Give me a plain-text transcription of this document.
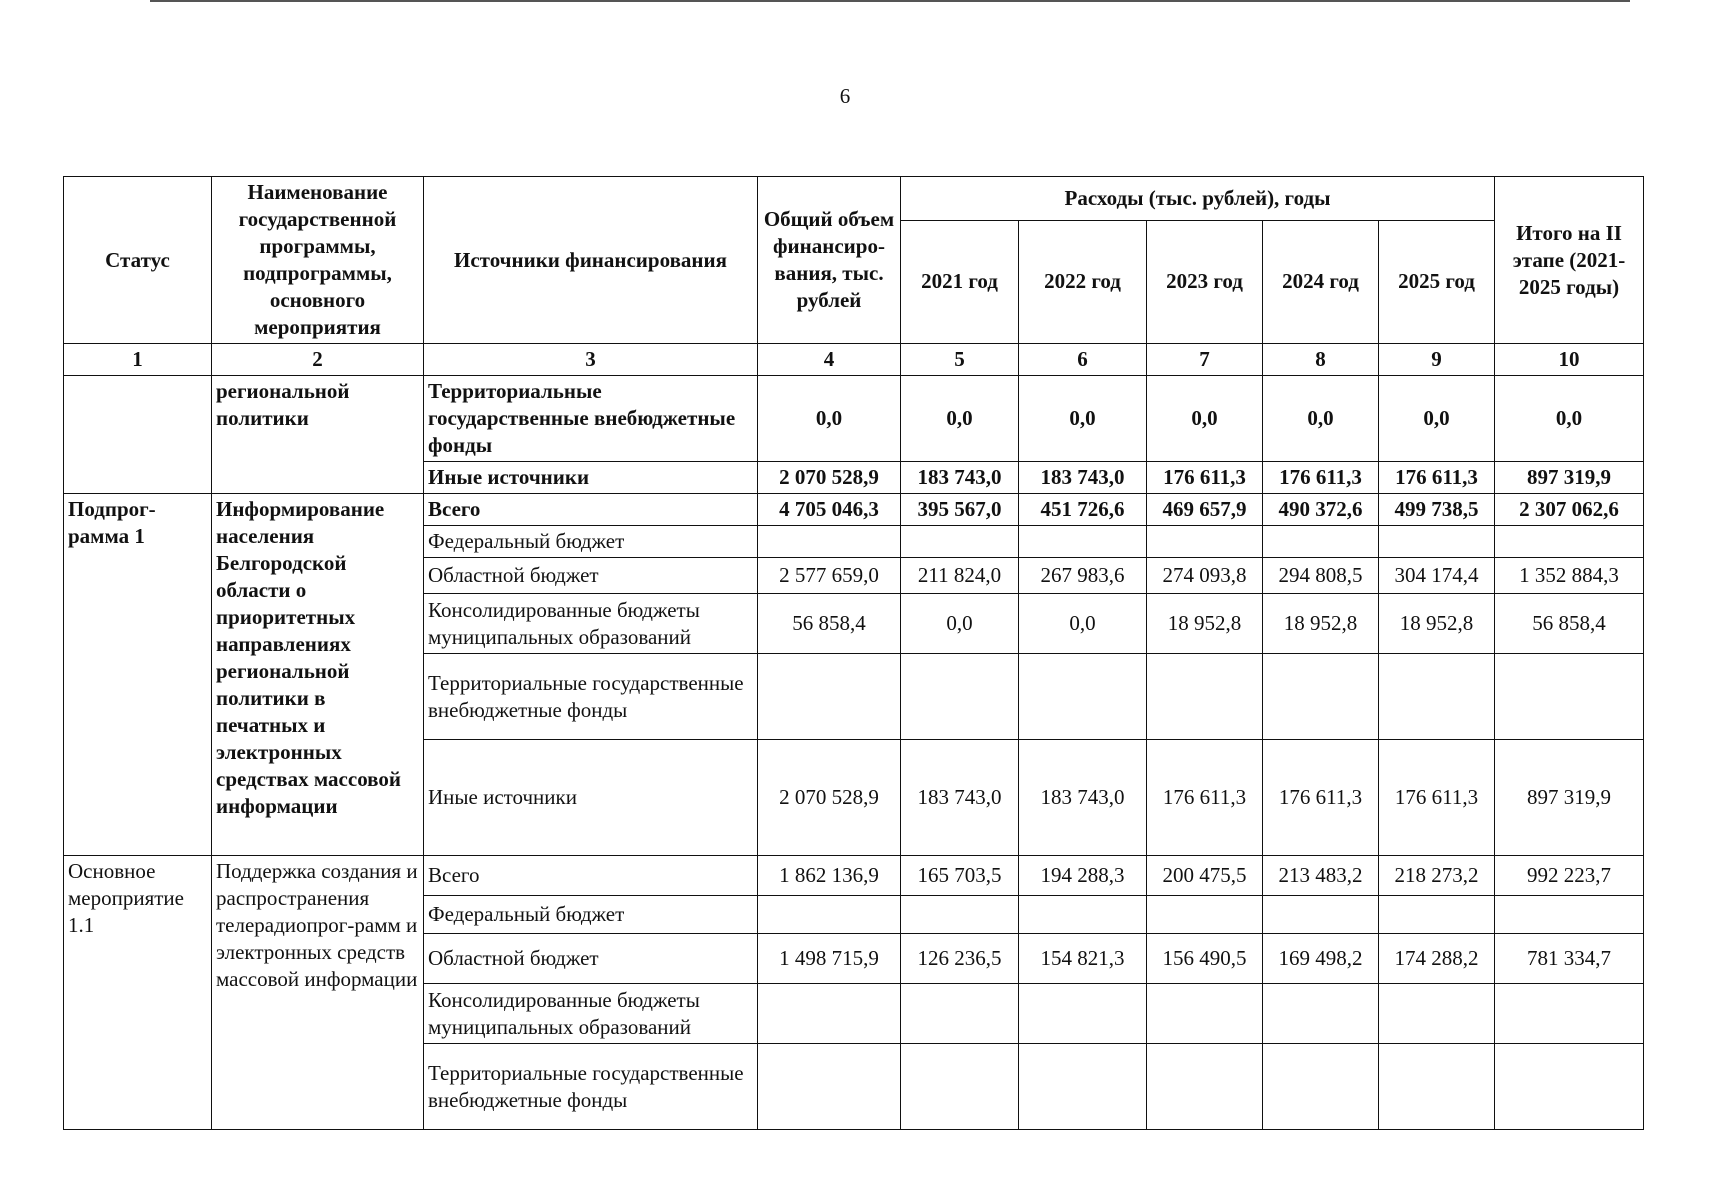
6
Статус	Наименование государственной программы, подпрограммы, основного мероприятия	Источники финансирования	Общий объем финансиро-вания, тыс. рублей	Расходы (тыс. рублей), годы					Итого на II этапе (2021-2025 годы)
				2021 год	2022 год	2023 год	2024 год	2025 год	
1	2	3	4	5	6	7	8	9	10
	региональной политики	Территориальные государственные внебюджетные фонды	0,0	0,0	0,0	0,0	0,0	0,0	0,0
		Иные источники	2 070 528,9	183 743,0	183 743,0	176 611,3	176 611,3	176 611,3	897 319,9
Подпрог-рамма 1	Информирование населения Белгородской области о приоритетных направлениях региональной политики в печатных и электронных средствах массовой информации	Всего	4 705 046,3	395 567,0	451 726,6	469 657,9	490 372,6	499 738,5	2 307 062,6
		Федеральный бюджет							
		Областной бюджет	2 577 659,0	211 824,0	267 983,6	274 093,8	294 808,5	304 174,4	1 352 884,3
		Консолидированные бюджеты муниципальных образований	56 858,4	0,0	0,0	18 952,8	18 952,8	18 952,8	56 858,4
		Территориальные государственные внебюджетные фонды							
		Иные источники	2 070 528,9	183 743,0	183 743,0	176 611,3	176 611,3	176 611,3	897 319,9
Основное мероприятие 1.1	Поддержка создания и распространения телерадиопрог-рамм и электронных средств массовой информации	Всего	1 862 136,9	165 703,5	194 288,3	200 475,5	213 483,2	218 273,2	992 223,7
		Федеральный бюджет							
		Областной бюджет	1 498 715,9	126 236,5	154 821,3	156 490,5	169 498,2	174 288,2	781 334,7
		Консолидированные бюджеты муниципальных образований							
		Территориальные государственные внебюджетные фонды							
